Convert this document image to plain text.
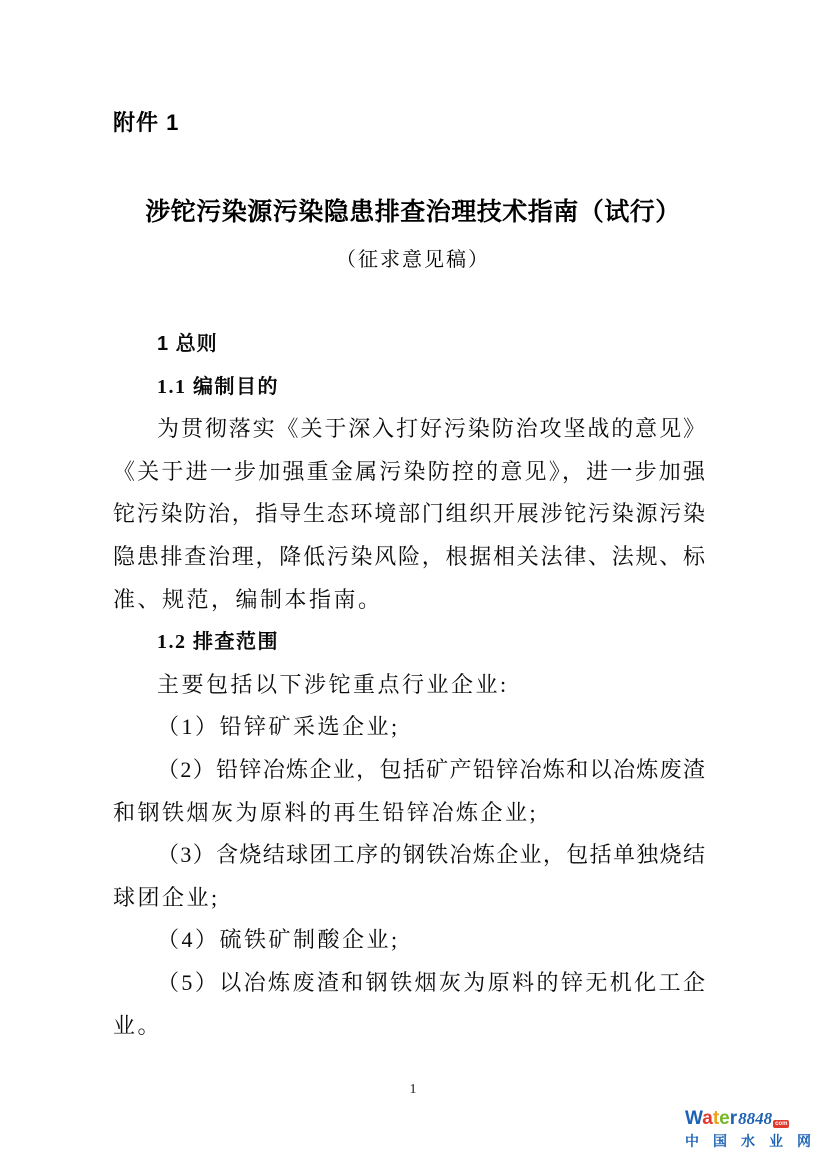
附件 1
涉铊污染源污染隐患排查治理技术指南（试行）
（征求意见稿）
1 总则
1.1 编制目的
为贯彻落实《关于深入打好污染防治攻坚战的意见》
《关于进一步加强重金属污染防控的意见》，进一步加强
铊污染防治，指导生态环境部门组织开展涉铊污染源污染
隐患排查治理，降低污染风险，根据相关法律、法规、标
准、规范，编制本指南。
1.2 排查范围
主要包括以下涉铊重点行业企业:
（1）铅锌矿采选企业;
（2）铅锌冶炼企业，包括矿产铅锌冶炼和以冶炼废渣
和钢铁烟灰为原料的再生铅锌冶炼企业;
（3）含烧结球团工序的钢铁冶炼企业，包括单独烧结
球团企业;
（4）硫铁矿制酸企业;
（5）以冶炼废渣和钢铁烟灰为原料的锌无机化工企
业。
1
Water 8848 com
中国水业网
